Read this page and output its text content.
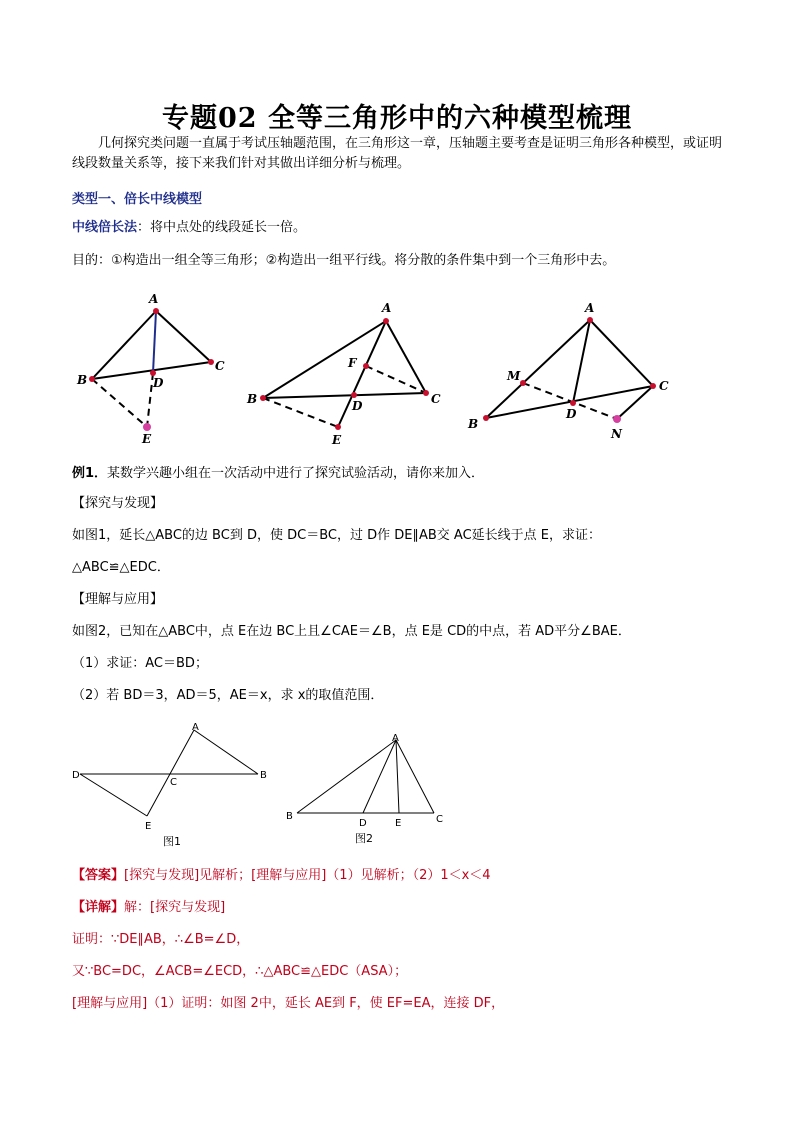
专题02 全等三角形中的六种模型梳理
几何探究类问题一直属于考试压轴题范围，在三角形这一章，压轴题主要考查是证明三角形各种模型，或证明线段数量关系等，接下来我们针对其做出详细分析与梳理。
类型一、倍长中线模型
中线倍长法：将中点处的线段延长一倍。
目的：①构造出一组全等三角形；②构造出一组平行线。将分散的条件集中到一个三角形中去。
A
B
C
D
E
A
F
B	D	C
E
A
M
C
B
D
N
例1．某数学兴趣小组在一次活动中进行了探究试验活动，请你来加入．
【探究与发现】
如图1，延长△ABC的边 BC到 D，使 DC＝BC，过 D作 DE∥AB交 AC延长线于点 E，求证：
△ABC≌△EDC．
【理解与应用】
如图2，已知在△ABC中，点 E在边 BC上且∠CAE＝∠B，点 E是 CD的中点，若 AD平分∠BAE．
（1）求证：AC＝BD；
（2）若 BD＝3，AD＝5，AE＝x，求 x的取值范围．
A
D
C
B
E
图1
A
B
D	E	C
图2
【答案】[探究与发现]见解析；[理解与应用]（1）见解析；（2）1＜x＜4
【详解】解：[探究与发现]
证明：∵DE∥AB，∴∠B=∠D，
又∵BC=DC，∠ACB=∠ECD，∴△ABC≌△EDC（ASA）；
[理解与应用]（1）证明：如图 2中，延长 AE到 F，使 EF=EA，连接 DF，
